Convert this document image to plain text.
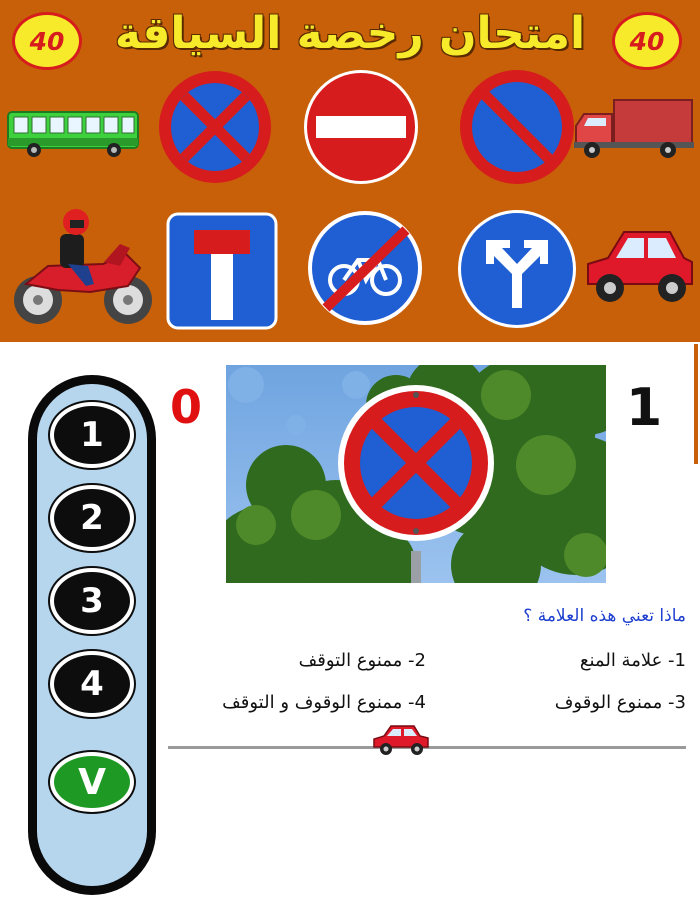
40	امتحان رخصة السياقة	40
1
2
3
4
V
0	1
ماذا تعني هذه العلامة ؟
1- علامة المنع
2- ممنوع التوقف
3- ممنوع الوقوف
4- ممنوع الوقوف و التوقف
